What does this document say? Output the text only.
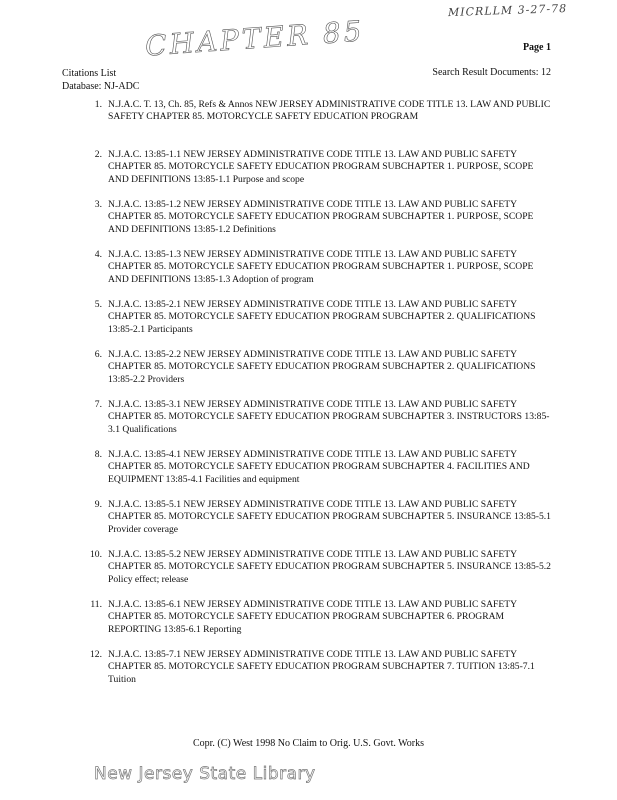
MICRLLM 3-27-78
CHAPTER 85	Page 1
Citations List
Database: NJ-ADC
Search Result Documents: 12
1. N.J.A.C. T. 13, Ch. 85, Refs & Annos NEW JERSEY ADMINISTRATIVE CODE TITLE 13. LAW AND PUBLIC SAFETY CHAPTER 85. MOTORCYCLE SAFETY EDUCATION PROGRAM
2. N.J.A.C. 13:85-1.1 NEW JERSEY ADMINISTRATIVE CODE TITLE 13. LAW AND PUBLIC SAFETY CHAPTER 85. MOTORCYCLE SAFETY EDUCATION PROGRAM SUBCHAPTER 1. PURPOSE, SCOPE AND DEFINITIONS 13:85-1.1 Purpose and scope
3. N.J.A.C. 13:85-1.2 NEW JERSEY ADMINISTRATIVE CODE TITLE 13. LAW AND PUBLIC SAFETY CHAPTER 85. MOTORCYCLE SAFETY EDUCATION PROGRAM SUBCHAPTER 1. PURPOSE, SCOPE AND DEFINITIONS 13:85-1.2 Definitions
4. N.J.A.C. 13:85-1.3 NEW JERSEY ADMINISTRATIVE CODE TITLE 13. LAW AND PUBLIC SAFETY CHAPTER 85. MOTORCYCLE SAFETY EDUCATION PROGRAM SUBCHAPTER 1. PURPOSE, SCOPE AND DEFINITIONS 13:85-1.3 Adoption of program
5. N.J.A.C. 13:85-2.1 NEW JERSEY ADMINISTRATIVE CODE TITLE 13. LAW AND PUBLIC SAFETY CHAPTER 85. MOTORCYCLE SAFETY EDUCATION PROGRAM SUBCHAPTER 2. QUALIFICATIONS 13:85-2.1 Participants
6. N.J.A.C. 13:85-2.2 NEW JERSEY ADMINISTRATIVE CODE TITLE 13. LAW AND PUBLIC SAFETY CHAPTER 85. MOTORCYCLE SAFETY EDUCATION PROGRAM SUBCHAPTER 2. QUALIFICATIONS 13:85-2.2 Providers
7. N.J.A.C. 13:85-3.1 NEW JERSEY ADMINISTRATIVE CODE TITLE 13. LAW AND PUBLIC SAFETY CHAPTER 85. MOTORCYCLE SAFETY EDUCATION PROGRAM SUBCHAPTER 3. INSTRUCTORS 13:85-3.1 Qualifications
8. N.J.A.C. 13:85-4.1 NEW JERSEY ADMINISTRATIVE CODE TITLE 13. LAW AND PUBLIC SAFETY CHAPTER 85. MOTORCYCLE SAFETY EDUCATION PROGRAM SUBCHAPTER 4. FACILITIES AND EQUIPMENT 13:85-4.1 Facilities and equipment
9. N.J.A.C. 13:85-5.1 NEW JERSEY ADMINISTRATIVE CODE TITLE 13. LAW AND PUBLIC SAFETY CHAPTER 85. MOTORCYCLE SAFETY EDUCATION PROGRAM SUBCHAPTER 5. INSURANCE 13:85-5.1 Provider coverage
10. N.J.A.C. 13:85-5.2 NEW JERSEY ADMINISTRATIVE CODE TITLE 13. LAW AND PUBLIC SAFETY CHAPTER 85. MOTORCYCLE SAFETY EDUCATION PROGRAM SUBCHAPTER 5. INSURANCE 13:85-5.2 Policy effect; release
11. N.J.A.C. 13:85-6.1 NEW JERSEY ADMINISTRATIVE CODE TITLE 13. LAW AND PUBLIC SAFETY CHAPTER 85. MOTORCYCLE SAFETY EDUCATION PROGRAM SUBCHAPTER 6. PROGRAM REPORTING 13:85-6.1 Reporting
12. N.J.A.C. 13:85-7.1 NEW JERSEY ADMINISTRATIVE CODE TITLE 13. LAW AND PUBLIC SAFETY CHAPTER 85. MOTORCYCLE SAFETY EDUCATION PROGRAM SUBCHAPTER 7. TUITION 13:85-7.1 Tuition
Copr. (C) West 1998 No Claim to Orig. U.S. Govt. Works
New Jersey State Library
